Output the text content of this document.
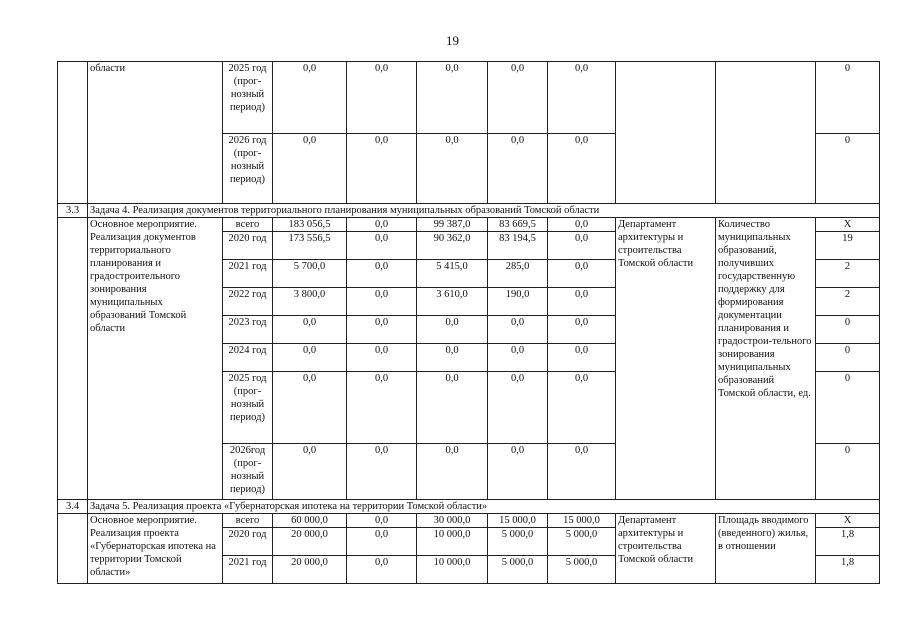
19
	области	2025 год (прог-нозный период)	0,0	0,0	0,0	0,0	0,0			0
		2026 год (прог-нозный период)	0,0	0,0	0,0	0,0	0,0			0
3.3	Задача 4. Реализация документов территориального планирования муниципальных образований Томской области									
	Основное мероприятие. Реализация документов территориального планирования и градостроительного зонирования муниципальных образований Томской области	всего	183 056,5	0,0	99 387,0	83 669,5	0,0	Департамент архитектуры и строительства Томской области	Количество муниципальных образований, получивших государственную поддержку для формирования документации планирования и градострои-тельного зонирования муниципальных образований Томской области, ед.	Х
		2020 год	173 556,5	0,0	90 362,0	83 194,5	0,0			19
		2021 год	5 700,0	0,0	5 415,0	285,0	0,0			2
		2022 год	3 800,0	0,0	3 610,0	190,0	0,0			2
		2023 год	0,0	0,0	0,0	0,0	0,0			0
		2024 год	0,0	0,0	0,0	0,0	0,0			0
		2025 год (прог-нозный период)	0,0	0,0	0,0	0,0	0,0			0
		2026год (прог-нозный период)	0,0	0,0	0,0	0,0	0,0			0
3.4	Задача 5. Реализация проекта «Губернаторская ипотека на территории Томской области»									
	Основное мероприятие. Реализация проекта «Губернаторская ипотека на территории Томской области»	всего	60 000,0	0,0	30 000,0	15 000,0	15 000,0	Департамент архитектуры и строительства Томской области	Площадь вводимого (введенного) жилья, в отношении	Х
		2020 год	20 000,0	0,0	10 000,0	5 000,0	5 000,0			1,8
		2021 год	20 000,0	0,0	10 000,0	5 000,0	5 000,0			1,8
